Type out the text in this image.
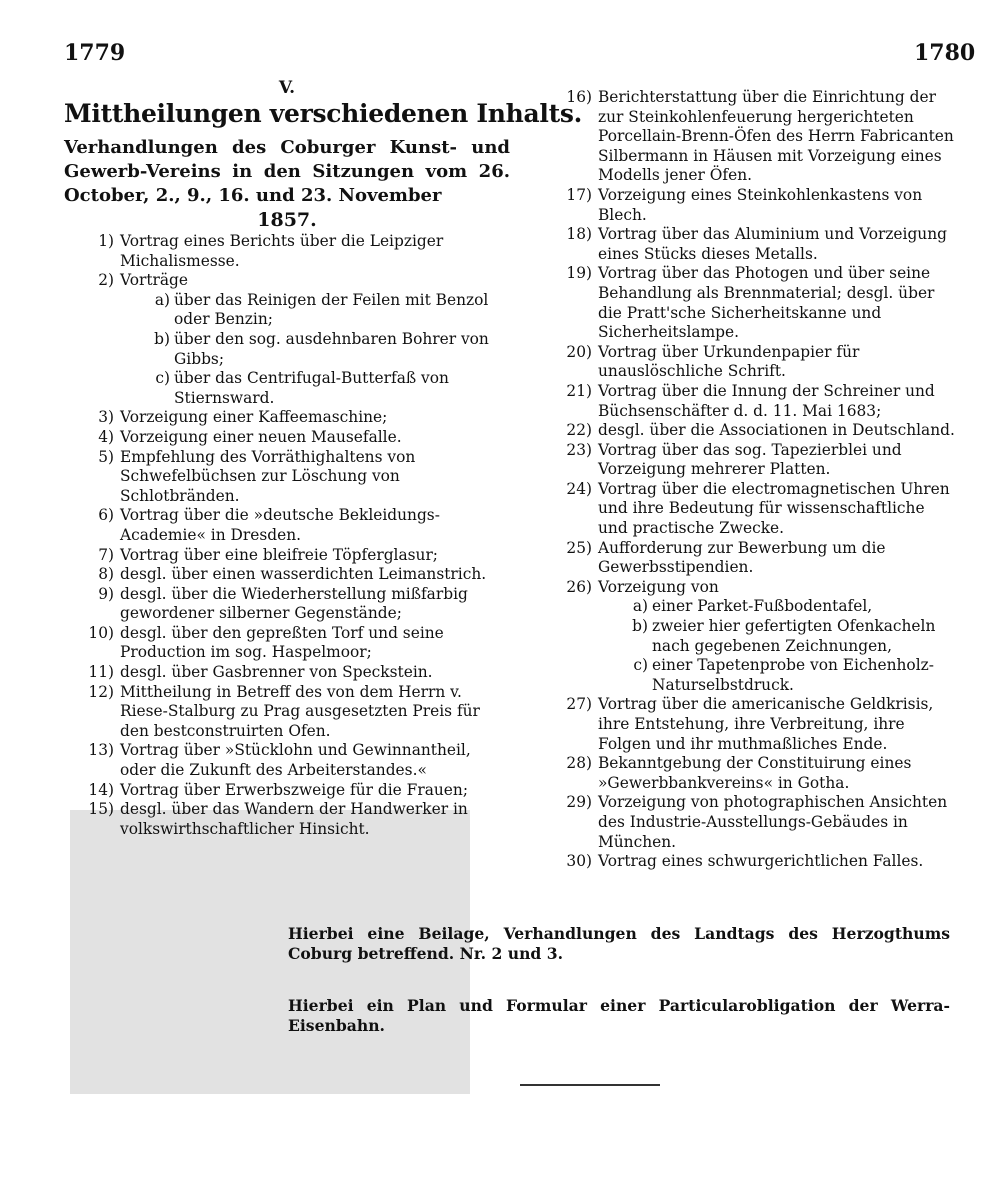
1779	1780
V.
Mittheilungen verschiedenen Inhalts.
Verhandlungen des Coburger Kunst- und Gewerb-Vereins in den Sitzungen vom 26. October, 2., 9., 16. und 23. November
1857.
1) Vortrag eines Berichts über die Leipziger Michalismesse.
2) Vorträge
a) über das Reinigen der Feilen mit Benzol oder Benzin;
b) über den sog. ausdehnbaren Bohrer von Gibbs;
c) über das Centrifugal-Butterfaß von Stiernsward.
3) Vorzeigung einer Kaffeemaschine;
4) Vorzeigung einer neuen Mausefalle.
5) Empfehlung des Vorräthighaltens von Schwefelbüchsen zur Löschung von Schlotbränden.
6) Vortrag über die »deutsche Bekleidungs-Academie« in Dresden.
7) Vortrag über eine bleifreie Töpferglasur;
8) desgl. über einen wasserdichten Leimanstrich.
9) desgl. über die Wiederherstellung mißfarbig gewordener silberner Gegenstände;
10) desgl. über den gepreßten Torf und seine Production im sog. Haspelmoor;
11) desgl. über Gasbrenner von Speckstein.
12) Mittheilung in Betreff des von dem Herrn v. Riese-Stalburg zu Prag ausgesetzten Preis für den bestconstruirten Ofen.
13) Vortrag über »Stücklohn und Gewinnantheil, oder die Zukunft des Arbeiterstandes.«
14) Vortrag über Erwerbszweige für die Frauen;
15) desgl. über das Wandern der Handwerker in volkswirthschaftlicher Hinsicht.
16) Berichterstattung über die Einrichtung der zur Steinkohlenfeuerung hergerichteten Porcellain-Brenn-Öfen des Herrn Fabricanten Silbermann in Häusen mit Vorzeigung eines Modells jener Öfen.
17) Vorzeigung eines Steinkohlenkastens von Blech.
18) Vortrag über das Aluminium und Vorzeigung eines Stücks dieses Metalls.
19) Vortrag über das Photogen und über seine Behandlung als Brennmaterial; desgl. über die Pratt'sche Sicherheitskanne und Sicherheitslampe.
20) Vortrag über Urkundenpapier für unauslöschliche Schrift.
21) Vortrag über die Innung der Schreiner und Büchsenschäfter d. d. 11. Mai 1683;
22) desgl. über die Associationen in Deutschland.
23) Vortrag über das sog. Tapezierblei und Vorzeigung mehrerer Platten.
24) Vortrag über die electromagnetischen Uhren und ihre Bedeutung für wissenschaftliche und practische Zwecke.
25) Aufforderung zur Bewerbung um die Gewerbsstipendien.
26) Vorzeigung von
a) einer Parket-Fußbodentafel,
b) zweier hier gefertigten Ofenkacheln nach gegebenen Zeichnungen,
c) einer Tapetenprobe von Eichenholz-Naturselbstdruck.
27) Vortrag über die americanische Geldkrisis, ihre Entstehung, ihre Verbreitung, ihre Folgen und ihr muthmaßliches Ende.
28) Bekanntgebung der Constituirung eines »Gewerbbankvereins« in Gotha.
29) Vorzeigung von photographischen Ansichten des Industrie-Ausstellungs-Gebäudes in München.
30) Vortrag eines schwurgerichtlichen Falles.
Hierbei eine Beilage, Verhandlungen des Landtags des Herzogthums Coburg betreffend. Nr. 2 und 3.
Hierbei ein Plan und Formular einer Particularobligation der Werra-Eisenbahn.
